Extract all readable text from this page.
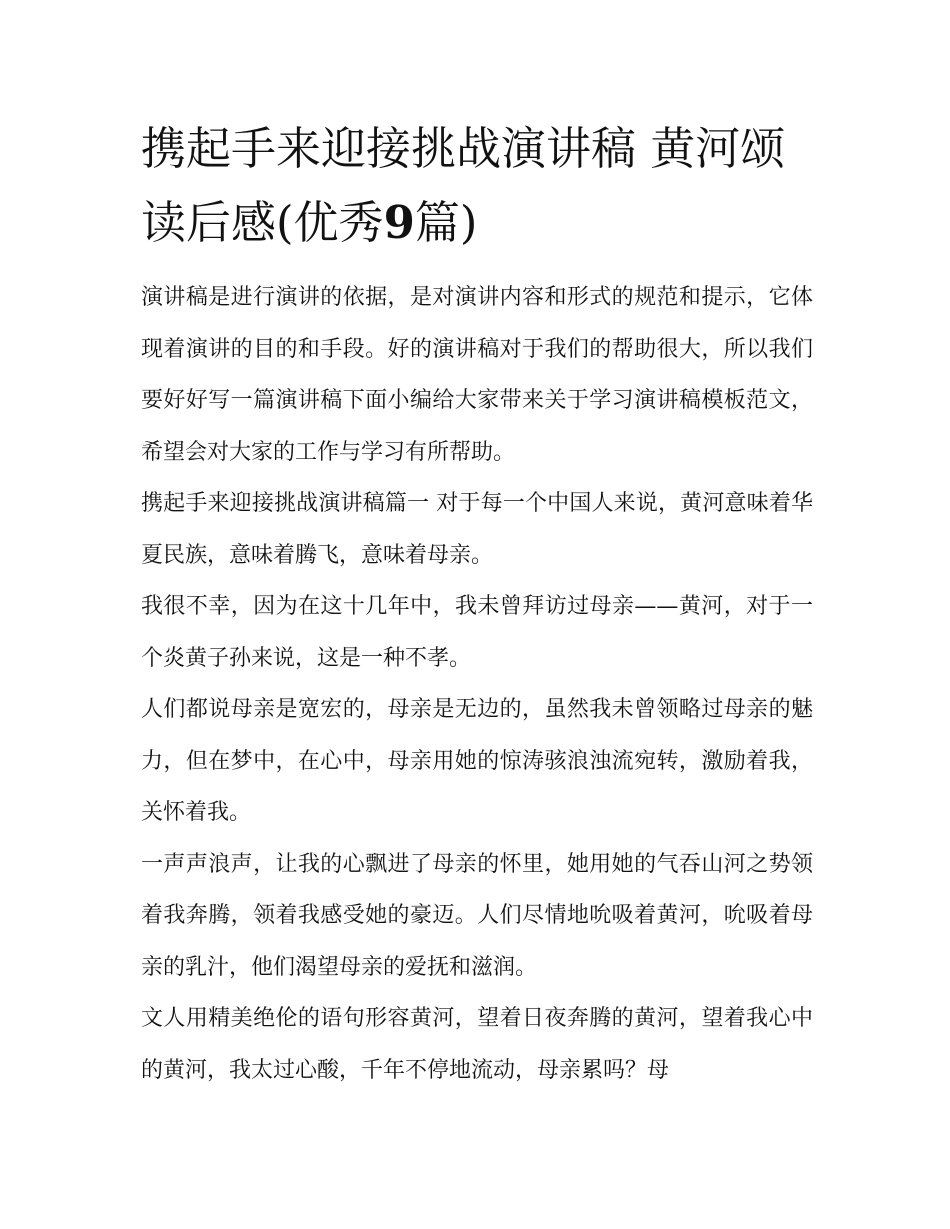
携起手来迎接挑战演讲稿 黄河颂读后感(优秀9篇)

演讲稿是进行演讲的依据，是对演讲内容和形式的规范和提示，它体现着演讲的目的和手段。好的演讲稿对于我们的帮助很大，所以我们要好好写一篇演讲稿下面小编给大家带来关于学习演讲稿模板范文，希望会对大家的工作与学习有所帮助。

携起手来迎接挑战演讲稿篇一 对于每一个中国人来说，黄河意味着华夏民族，意味着腾飞，意味着母亲。

我很不幸，因为在这十几年中，我未曾拜访过母亲——黄河，对于一个炎黄子孙来说，这是一种不孝。

人们都说母亲是宽宏的，母亲是无边的，虽然我未曾领略过母亲的魅力，但在梦中，在心中，母亲用她的惊涛骇浪浊流宛转，激励着我，关怀着我。

一声声浪声，让我的心飘进了母亲的怀里，她用她的气吞山河之势领着我奔腾，领着我感受她的豪迈。人们尽情地吮吸着黄河，吮吸着母亲的乳汁，他们渴望母亲的爱抚和滋润。

文人用精美绝伦的语句形容黄河，望着日夜奔腾的黄河，望着我心中的黄河，我太过心酸，千年不停地流动，母亲累吗？母
